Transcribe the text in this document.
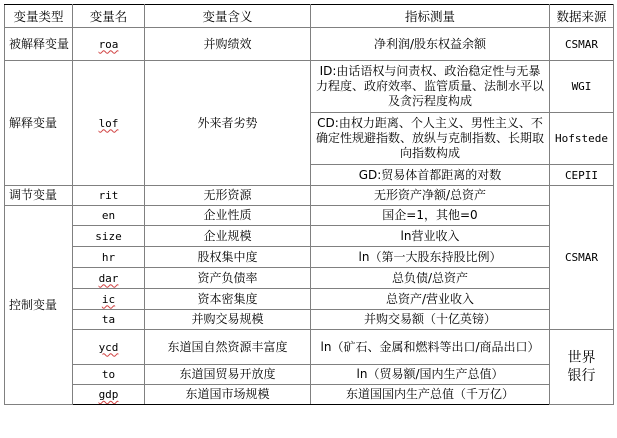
变量类型	变量名	变量含义	指标测量	数据来源	
被解释变量	roa	并购绩效	净利润/股东权益余额	CSMAR	
解释变量	lof	外来者劣势	ID:由话语权与问责权、政治稳定性与无暴力程度、政府效率、监管质量、法制水平以及贪污程度构成	WGI	
			CD:由权力距离、个人主义、男性主义、不确定性规避指数、放纵与克制指数、长期取向指数构成	Hofstede	
			GD:贸易体首都距离的对数	CEPII	
调节变量	rit	无形资源	无形资产净额/总资产	CSMAR	
控制变量	en	企业性质	国企=1，其他=0		
	size	企业规模	ln营业收入		
	hr	股权集中度	ln（第一大股东持股比例）		
	dar	资产负债率	总负债/总资产		
	ic	资本密集度	总资产/营业收入		
	ta	并购交易规模	并购交易额（十亿英镑）	
	ycd	东道国自然资源丰富度	ln（矿石、金属和燃料等出口/商品出口）	世界银行	
	to	东道国贸易开放度	ln（贸易额/国内生产总值）		
	gdp	东道国市场规模	东道国国内生产总值（千万亿）		
